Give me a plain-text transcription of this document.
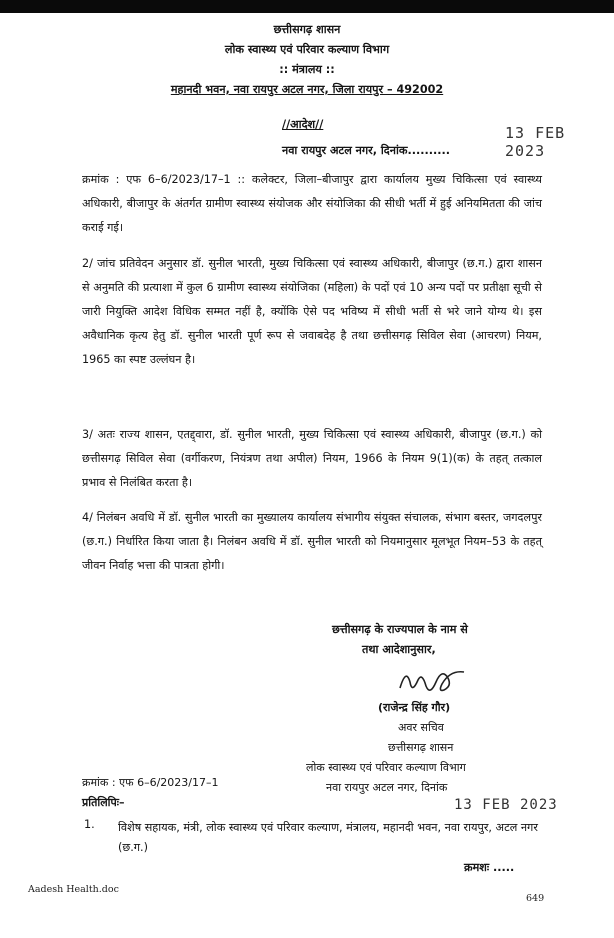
छत्तीसगढ़ शासन
लोक स्वास्थ्य एवं परिवार कल्याण विभाग
:: मंत्रालय ::
महानदी भवन, नवा रायपुर अटल नगर, जिला रायपुर – 492002
//आदेश//	13 FEB 2023
नवा रायपुर अटल नगर, दिनांक..........

क्रमांक : एफ 6–6/2023/17–1 :: कलेक्टर, जिला–बीजापुर द्वारा कार्यालय मुख्य चिकित्सा एवं स्वास्थ्य अधिकारी, बीजापुर के अंतर्गत ग्रामीण स्वास्थ्य संयोजक और संयोजिका की सीधी भर्ती में हुई अनियमितता की जांच कराई गई।

2/ जांच प्रतिवेदन अनुसार डॉ. सुनील भारती, मुख्य चिकित्सा एवं स्वास्थ्य अधिकारी, बीजापुर (छ.ग.) द्वारा शासन से अनुमति की प्रत्याशा में कुल 6 ग्रामीण स्वास्थ्य संयोजिका (महिला) के पदों एवं 10 अन्य पदों पर प्रतीक्षा सूची से जारी नियुक्ति आदेश विधिक सम्मत नहीं है, क्योंकि ऐसे पद भविष्य में सीधी भर्ती से भरे जाने योग्य थे। इस अवैधानिक कृत्य हेतु डॉ. सुनील भारती पूर्ण रूप से जवाबदेह है तथा छत्तीसगढ़ सिविल सेवा (आचरण) नियम, 1965 का स्पष्ट उल्लंघन है।

3/ अतः राज्य शासन, एतद्द्वारा, डॉ. सुनील भारती, मुख्य चिकित्सा एवं स्वास्थ्य अधिकारी, बीजापुर (छ.ग.) को छत्तीसगढ़ सिविल सेवा (वर्गीकरण, नियंत्रण तथा अपील) नियम, 1966 के नियम 9(1)(क) के तहत् तत्काल प्रभाव से निलंबित करता है।

4/ निलंबन अवधि में डॉ. सुनील भारती का मुख्यालय कार्यालय संभागीय संयुक्त संचालक, संभाग बस्तर, जगदलपुर (छ.ग.) निर्धारित किया जाता है। निलंबन अवधि में डॉ. सुनील भारती को नियमानुसार मूलभूत नियम–53 के तहत् जीवन निर्वाह भत्ता की पात्रता होगी।

छत्तीसगढ़ के राज्यपाल के नाम से
तथा आदेशानुसार,
(राजेन्द्र सिंह गौर)
अवर सचिव
छत्तीसगढ़ शासन
लोक स्वास्थ्य एवं परिवार कल्याण विभाग
क्रमांक : एफ 6–6/2023/17–1	नवा रायपुर अटल नगर, दिनांक
प्रतिलिपिः–	13 FEB 2023
1. विशेष सहायक, मंत्री, लोक स्वास्थ्य एवं परिवार कल्याण, मंत्रालय, महानदी भवन, नवा रायपुर, अटल नगर (छ.ग.)
क्रमशः .....
Aadesh Health.doc
649
